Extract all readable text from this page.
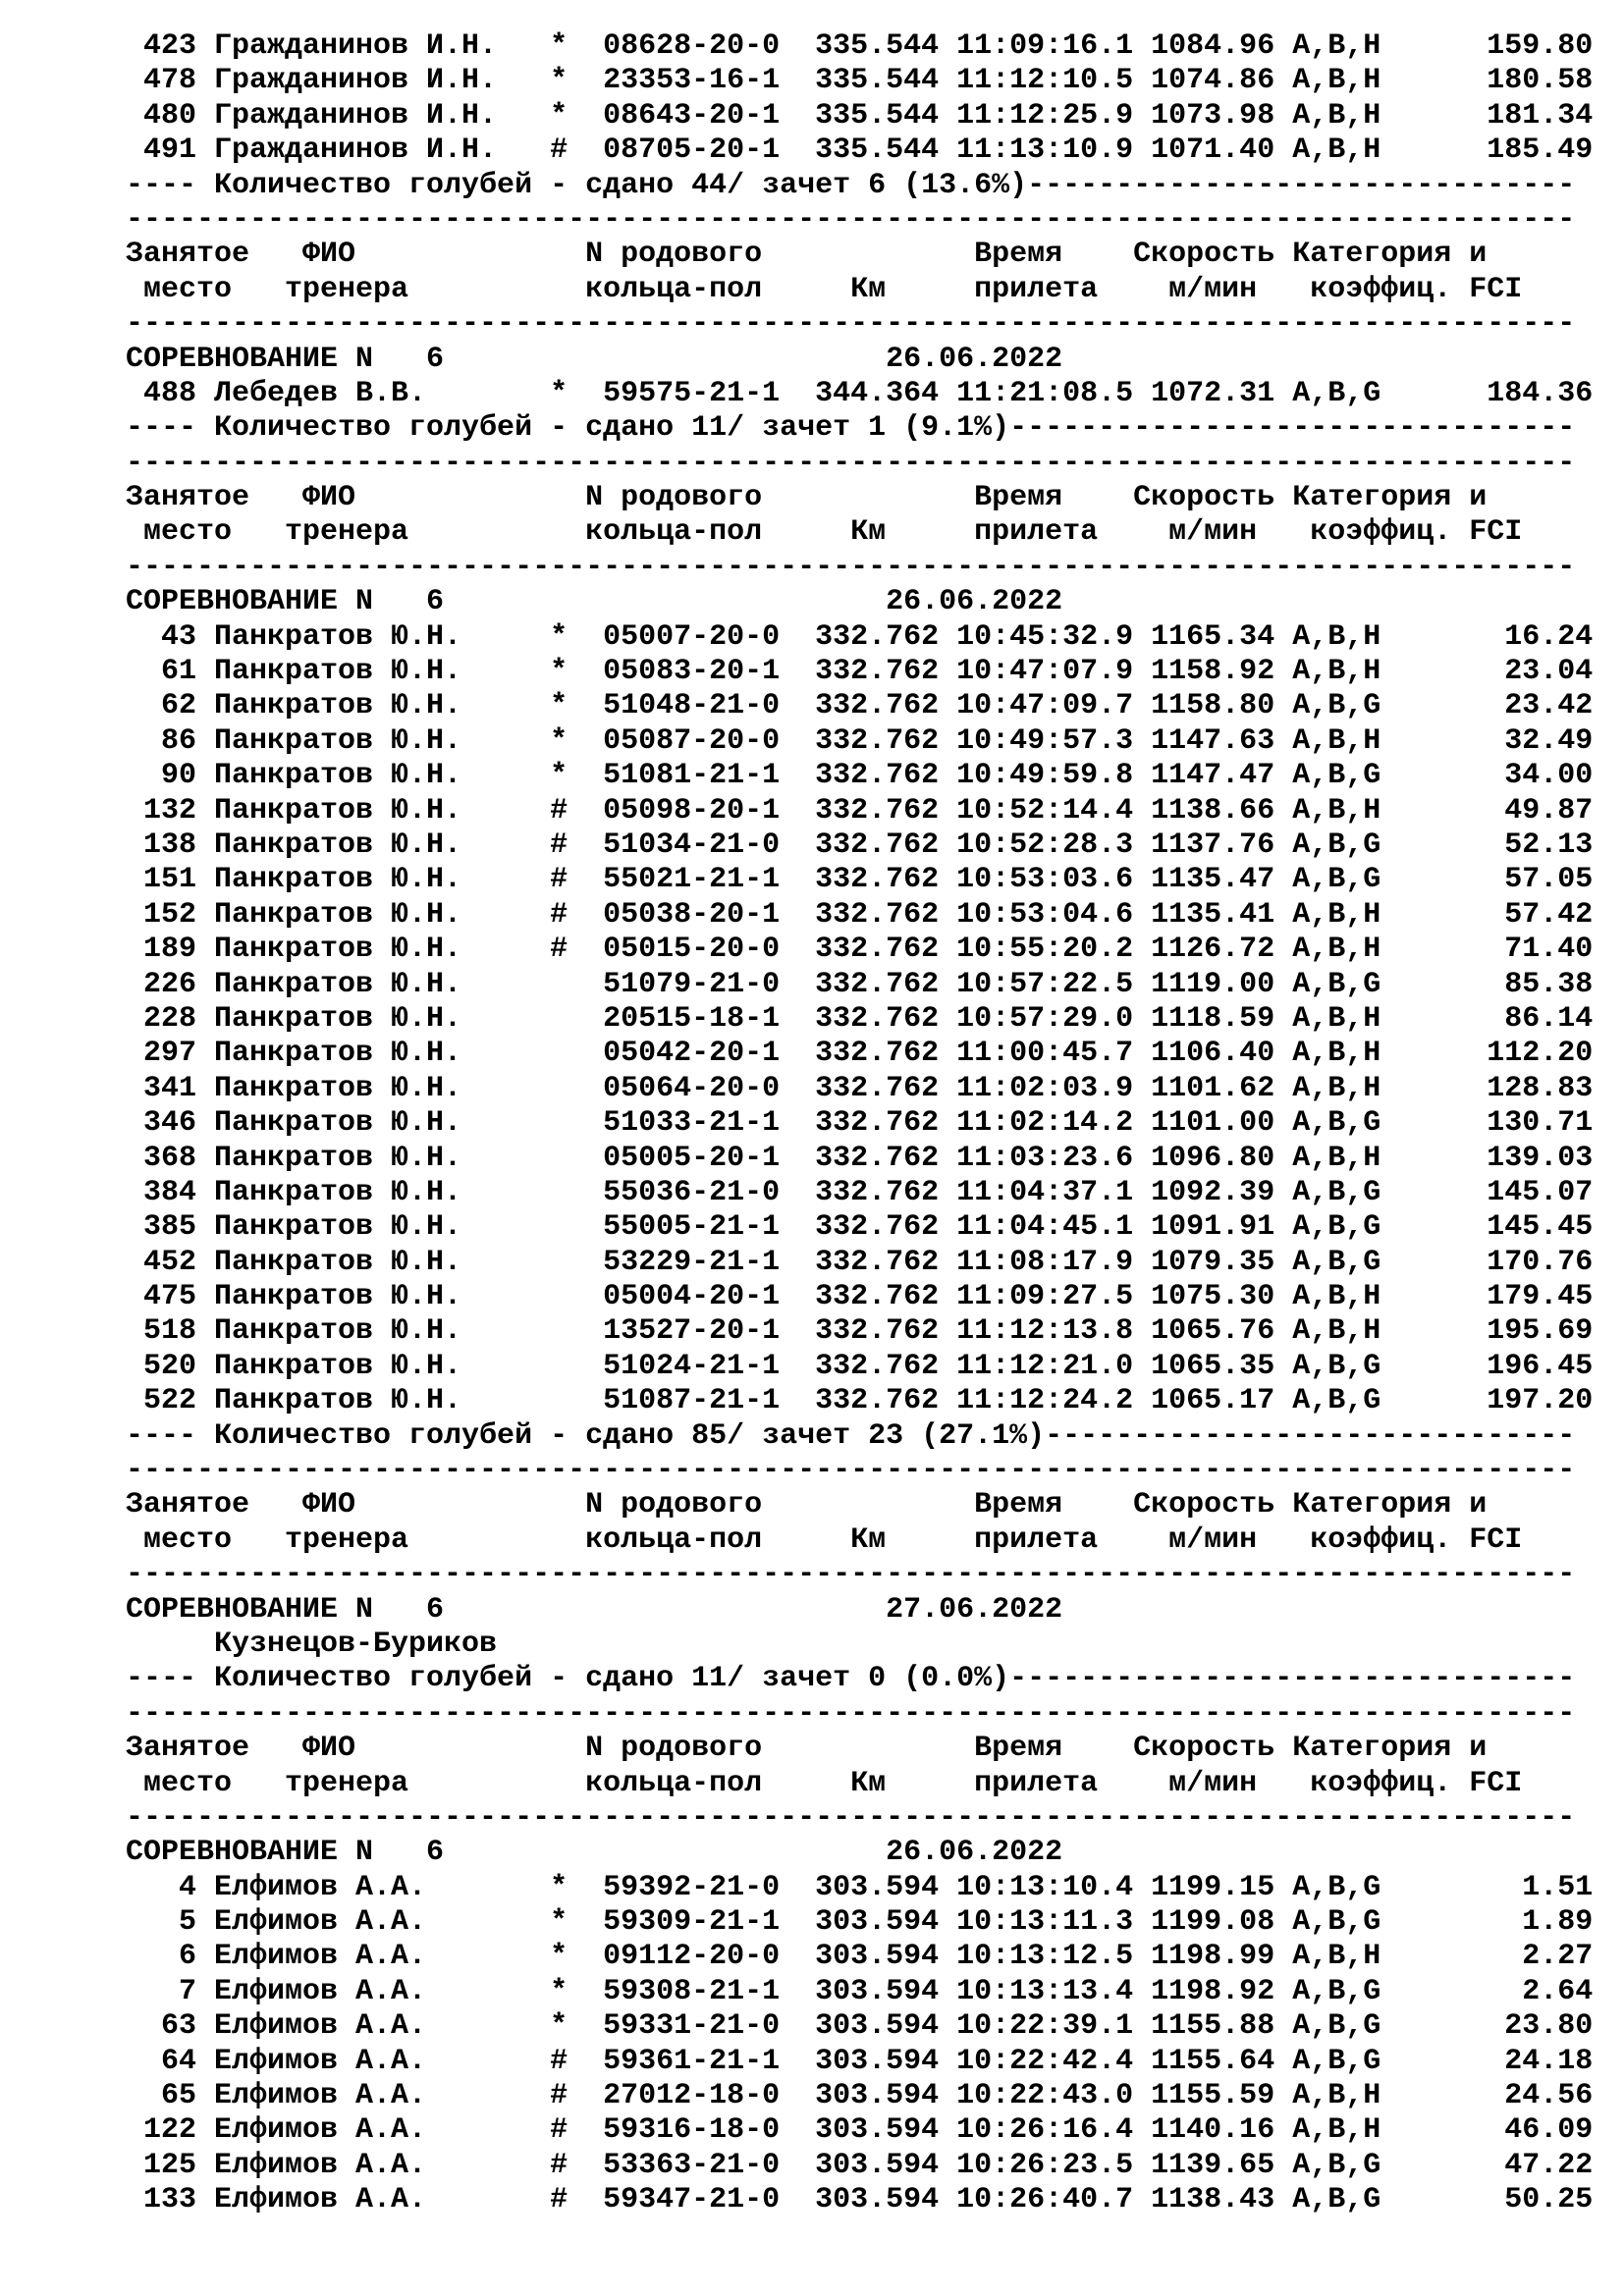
423 Гражданинов И.Н.   *  08628-20-0  335.544 11:09:16.1 1084.96 A,B,H      159.80
478 Гражданинов И.Н.   *  23353-16-1  335.544 11:12:10.5 1074.86 A,B,H      180.58
480 Гражданинов И.Н.   *  08643-20-1  335.544 11:12:25.9 1073.98 A,B,H      181.34
491 Гражданинов И.Н.   #  08705-20-1  335.544 11:13:10.9 1071.40 A,B,H      185.49
---- Количество голубей - сдано 44/ зачет 6 (13.6%)-------------------------------
----------------------------------------------------------------------------------
Занятое   ФИО             N родового            Время    Скорость Категория и
место   тренера          кольца-пол     Км     прилета    м/мин   коэффиц. FCI
----------------------------------------------------------------------------------
СОРЕВНОВАНИЕ N   6                         26.06.2022
488 Лебедев В.В.       *  59575-21-1  344.364 11:21:08.5 1072.31 A,B,G      184.36
---- Количество голубей - сдано 11/ зачет 1 (9.1%)--------------------------------
----------------------------------------------------------------------------------
Занятое   ФИО             N родового            Время    Скорость Категория и
место   тренера          кольца-пол     Км     прилета    м/мин   коэффиц. FCI
----------------------------------------------------------------------------------
СОРЕВНОВАНИЕ N   6                         26.06.2022
43 Панкратов Ю.Н.     *  05007-20-0  332.762 10:45:32.9 1165.34 A,B,H       16.24
61 Панкратов Ю.Н.     *  05083-20-1  332.762 10:47:07.9 1158.92 A,B,H       23.04
62 Панкратов Ю.Н.     *  51048-21-0  332.762 10:47:09.7 1158.80 A,B,G       23.42
86 Панкратов Ю.Н.     *  05087-20-0  332.762 10:49:57.3 1147.63 A,B,H       32.49
90 Панкратов Ю.Н.     *  51081-21-1  332.762 10:49:59.8 1147.47 A,B,G       34.00
132 Панкратов Ю.Н.     #  05098-20-1  332.762 10:52:14.4 1138.66 A,B,H       49.87
138 Панкратов Ю.Н.     #  51034-21-0  332.762 10:52:28.3 1137.76 A,B,G       52.13
151 Панкратов Ю.Н.     #  55021-21-1  332.762 10:53:03.6 1135.47 A,B,G       57.05
152 Панкратов Ю.Н.     #  05038-20-1  332.762 10:53:04.6 1135.41 A,B,H       57.42
189 Панкратов Ю.Н.     #  05015-20-0  332.762 10:55:20.2 1126.72 A,B,H       71.40
226 Панкратов Ю.Н.        51079-21-0  332.762 10:57:22.5 1119.00 A,B,G       85.38
228 Панкратов Ю.Н.        20515-18-1  332.762 10:57:29.0 1118.59 A,B,H       86.14
297 Панкратов Ю.Н.        05042-20-1  332.762 11:00:45.7 1106.40 A,B,H      112.20
341 Панкратов Ю.Н.        05064-20-0  332.762 11:02:03.9 1101.62 A,B,H      128.83
346 Панкратов Ю.Н.        51033-21-1  332.762 11:02:14.2 1101.00 A,B,G      130.71
368 Панкратов Ю.Н.        05005-20-1  332.762 11:03:23.6 1096.80 A,B,H      139.03
384 Панкратов Ю.Н.        55036-21-0  332.762 11:04:37.1 1092.39 A,B,G      145.07
385 Панкратов Ю.Н.        55005-21-1  332.762 11:04:45.1 1091.91 A,B,G      145.45
452 Панкратов Ю.Н.        53229-21-1  332.762 11:08:17.9 1079.35 A,B,G      170.76
475 Панкратов Ю.Н.        05004-20-1  332.762 11:09:27.5 1075.30 A,B,H      179.45
518 Панкратов Ю.Н.        13527-20-1  332.762 11:12:13.8 1065.76 A,B,H      195.69
520 Панкратов Ю.Н.        51024-21-1  332.762 11:12:21.0 1065.35 A,B,G      196.45
522 Панкратов Ю.Н.        51087-21-1  332.762 11:12:24.2 1065.17 A,B,G      197.20
---- Количество голубей - сдано 85/ зачет 23 (27.1%)------------------------------
----------------------------------------------------------------------------------
Занятое   ФИО             N родового            Время    Скорость Категория и
место   тренера          кольца-пол     Км     прилета    м/мин   коэффиц. FCI
----------------------------------------------------------------------------------
СОРЕВНОВАНИЕ N   6                         27.06.2022
Кузнецов-Буриков
---- Количество голубей - сдано 11/ зачет 0 (0.0%)--------------------------------
----------------------------------------------------------------------------------
Занятое   ФИО             N родового            Время    Скорость Категория и
место   тренера          кольца-пол     Км     прилета    м/мин   коэффиц. FCI
----------------------------------------------------------------------------------
СОРЕВНОВАНИЕ N   6                         26.06.2022
4 Елфимов А.А.       *  59392-21-0  303.594 10:13:10.4 1199.15 A,B,G        1.51
5 Елфимов А.А.       *  59309-21-1  303.594 10:13:11.3 1199.08 A,B,G        1.89
6 Елфимов А.А.       *  09112-20-0  303.594 10:13:12.5 1198.99 A,B,H        2.27
7 Елфимов А.А.       *  59308-21-1  303.594 10:13:13.4 1198.92 A,B,G        2.64
63 Елфимов А.А.       *  59331-21-0  303.594 10:22:39.1 1155.88 A,B,G       23.80
64 Елфимов А.А.       #  59361-21-1  303.594 10:22:42.4 1155.64 A,B,G       24.18
65 Елфимов А.А.       #  27012-18-0  303.594 10:22:43.0 1155.59 A,B,H       24.56
122 Елфимов А.А.       #  59316-18-0  303.594 10:26:16.4 1140.16 A,B,H       46.09
125 Елфимов А.А.       #  53363-21-0  303.594 10:26:23.5 1139.65 A,B,G       47.22
133 Елфимов А.А.       #  59347-21-0  303.594 10:26:40.7 1138.43 A,B,G       50.25
